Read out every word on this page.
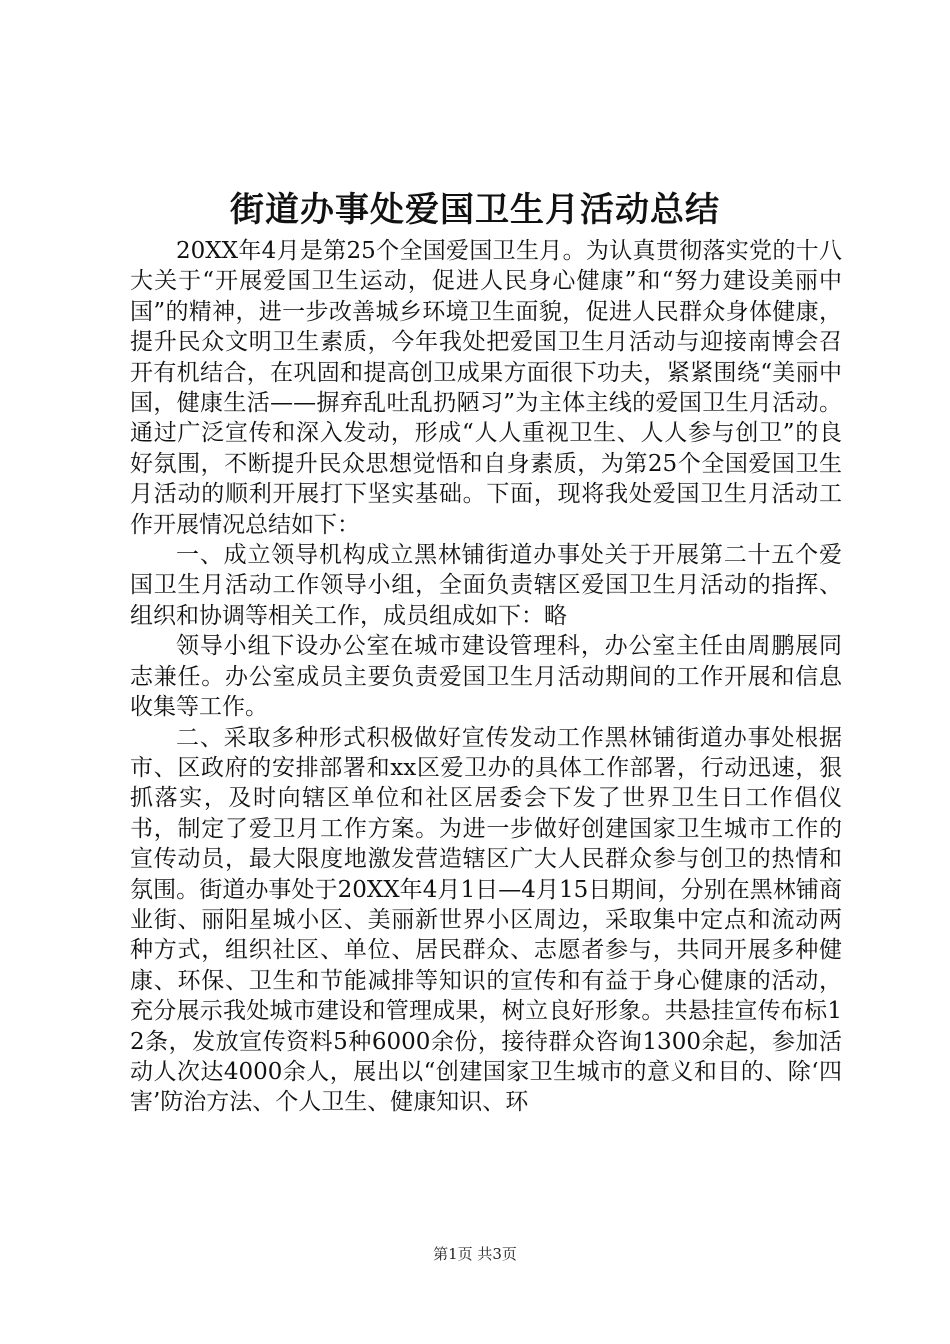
街道办事处爱国卫生月活动总结

20XX年4月是第25个全国爱国卫生月。为认真贯彻落实党的十八大关于“开展爱国卫生运动，促进人民身心健康”和“努力建设美丽中国”的精神，进一步改善城乡环境卫生面貌，促进人民群众身体健康，提升民众文明卫生素质，今年我处把爱国卫生月活动与迎接南博会召开有机结合，在巩固和提高创卫成果方面很下功夫，紧紧围绕“美丽中国，健康生活——摒弃乱吐乱扔陋习”为主体主线的爱国卫生月活动。通过广泛宣传和深入发动，形成“人人重视卫生、人人参与创卫”的良好氛围，不断提升民众思想觉悟和自身素质，为第25个全国爱国卫生月活动的顺利开展打下坚实基础。下面，现将我处爱国卫生月活动工作开展情况总结如下：

一、成立领导机构成立黑林铺街道办事处关于开展第二十五个爱国卫生月活动工作领导小组，全面负责辖区爱国卫生月活动的指挥、组织和协调等相关工作，成员组成如下：略

领导小组下设办公室在城市建设管理科，办公室主任由周鹏展同志兼任。办公室成员主要负责爱国卫生月活动期间的工作开展和信息收集等工作。

二、采取多种形式积极做好宣传发动工作黑林铺街道办事处根据市、区政府的安排部署和xx区爱卫办的具体工作部署，行动迅速，狠抓落实，及时向辖区单位和社区居委会下发了世界卫生日工作倡仪书，制定了爱卫月工作方案。为进一步做好创建国家卫生城市工作的宣传动员，最大限度地激发营造辖区广大人民群众参与创卫的热情和氛围。街道办事处于20XX年4月1日—4月15日期间，分别在黑林铺商业街、丽阳星城小区、美丽新世界小区周边，采取集中定点和流动两种方式，组织社区、单位、居民群众、志愿者参与，共同开展多种健康、环保、卫生和节能减排等知识的宣传和有益于身心健康的活动，充分展示我处城市建设和管理成果，树立良好形象。共悬挂宣传布标12条，发放宣传资料5种6000余份，接待群众咨询1300余起，参加活动人次达4000余人，展出以“创建国家卫生城市的意义和目的、除‘四害’防治方法、个人卫生、健康知识、环

第1页 共3页
